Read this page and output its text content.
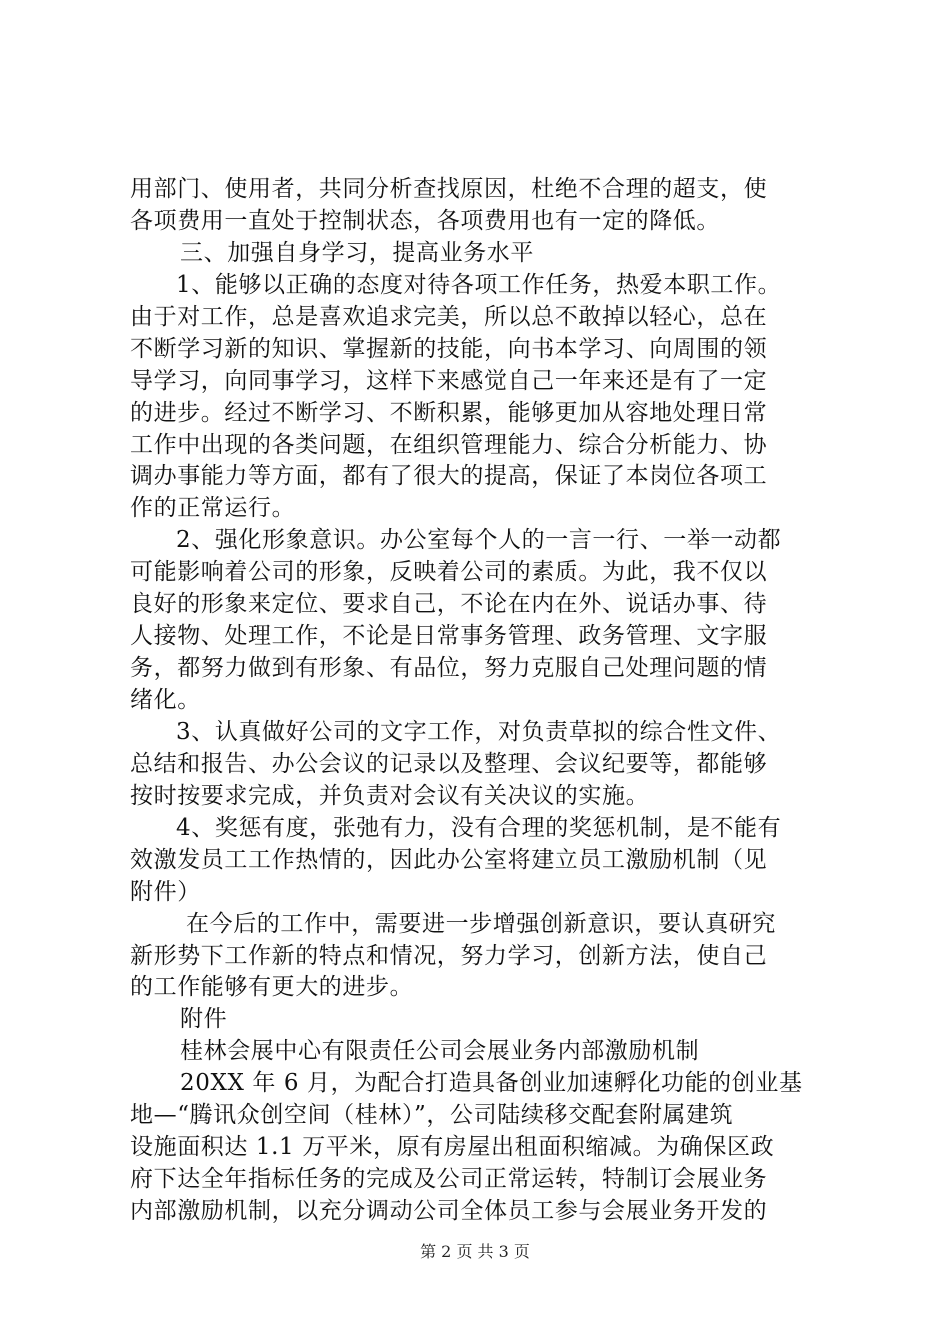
用部门、使用者，共同分析查找原因，杜绝不合理的超支，使
各项费用一直处于控制状态，各项费用也有一定的降低。
三、加强自身学习，提高业务水平
1、能够以正确的态度对待各项工作任务，热爱本职工作。
由于对工作，总是喜欢追求完美，所以总不敢掉以轻心，总在
不断学习新的知识、掌握新的技能，向书本学习、向周围的领
导学习，向同事学习，这样下来感觉自己一年来还是有了一定
的进步。经过不断学习、不断积累，能够更加从容地处理日常
工作中出现的各类问题，在组织管理能力、综合分析能力、协
调办事能力等方面，都有了很大的提高，保证了本岗位各项工
作的正常运行。
2、强化形象意识。办公室每个人的一言一行、一举一动都
可能影响着公司的形象，反映着公司的素质。为此，我不仅以
良好的形象来定位、要求自己，不论在内在外、说话办事、待
人接物、处理工作，不论是日常事务管理、政务管理、文字服
务，都努力做到有形象、有品位，努力克服自己处理问题的情
绪化。
3、认真做好公司的文字工作，对负责草拟的综合性文件、
总结和报告、办公会议的记录以及整理、会议纪要等，都能够
按时按要求完成，并负责对会议有关决议的实施。
4、奖惩有度，张弛有力，没有合理的奖惩机制，是不能有
效激发员工工作热情的，因此办公室将建立员工激励机制（见
附件）
在今后的工作中，需要进一步增强创新意识，要认真研究
新形势下工作新的特点和情况，努力学习，创新方法，使自己
的工作能够有更大的进步。
附件
桂林会展中心有限责任公司会展业务内部激励机制
20XX 年 6 月，为配合打造具备创业加速孵化功能的创业基
地—“腾讯众创空间（桂林）”，公司陆续移交配套附属建筑
设施面积达 1.1 万平米，原有房屋出租面积缩减。为确保区政
府下达全年指标任务的完成及公司正常运转，特制订会展业务
内部激励机制，以充分调动公司全体员工参与会展业务开发的
第 2 页 共 3 页
